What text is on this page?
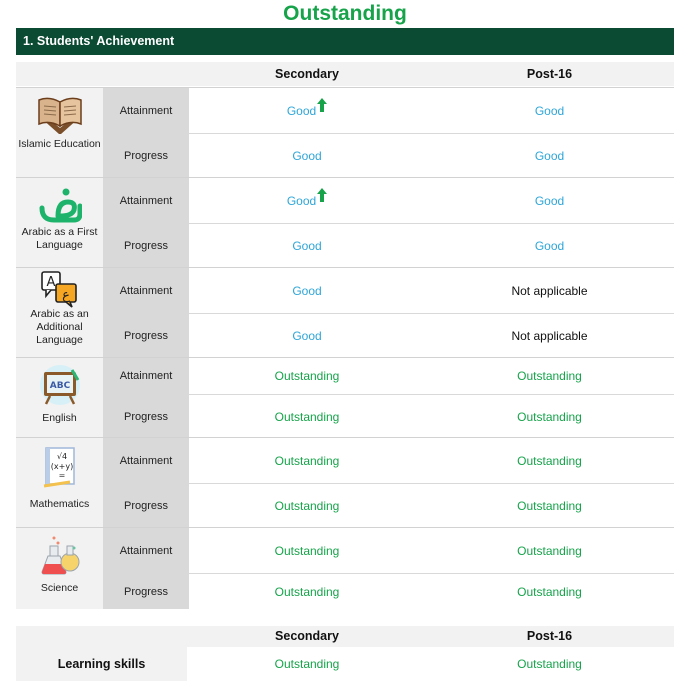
Outstanding
1. Students' Achievement
Secondary	Post-16
Islamic Education
Attainment	Good	Good
Progress	Good	Good
Arabic as a First Language
Attainment	Good	Good
Progress	Good	Good
A
ع
Arabic as an Additional Language
Attainment	Good	Not applicable
Progress	Good	Not applicable
ABC
English
Attainment	Outstanding	Outstanding
Progress	Outstanding	Outstanding
√4
(x+y)
=
Mathematics
Attainment	Outstanding	Outstanding
Progress	Outstanding	Outstanding
Science
Attainment	Outstanding	Outstanding
Progress	Outstanding	Outstanding
Secondary	Post-16
Learning skills	Outstanding	Outstanding
